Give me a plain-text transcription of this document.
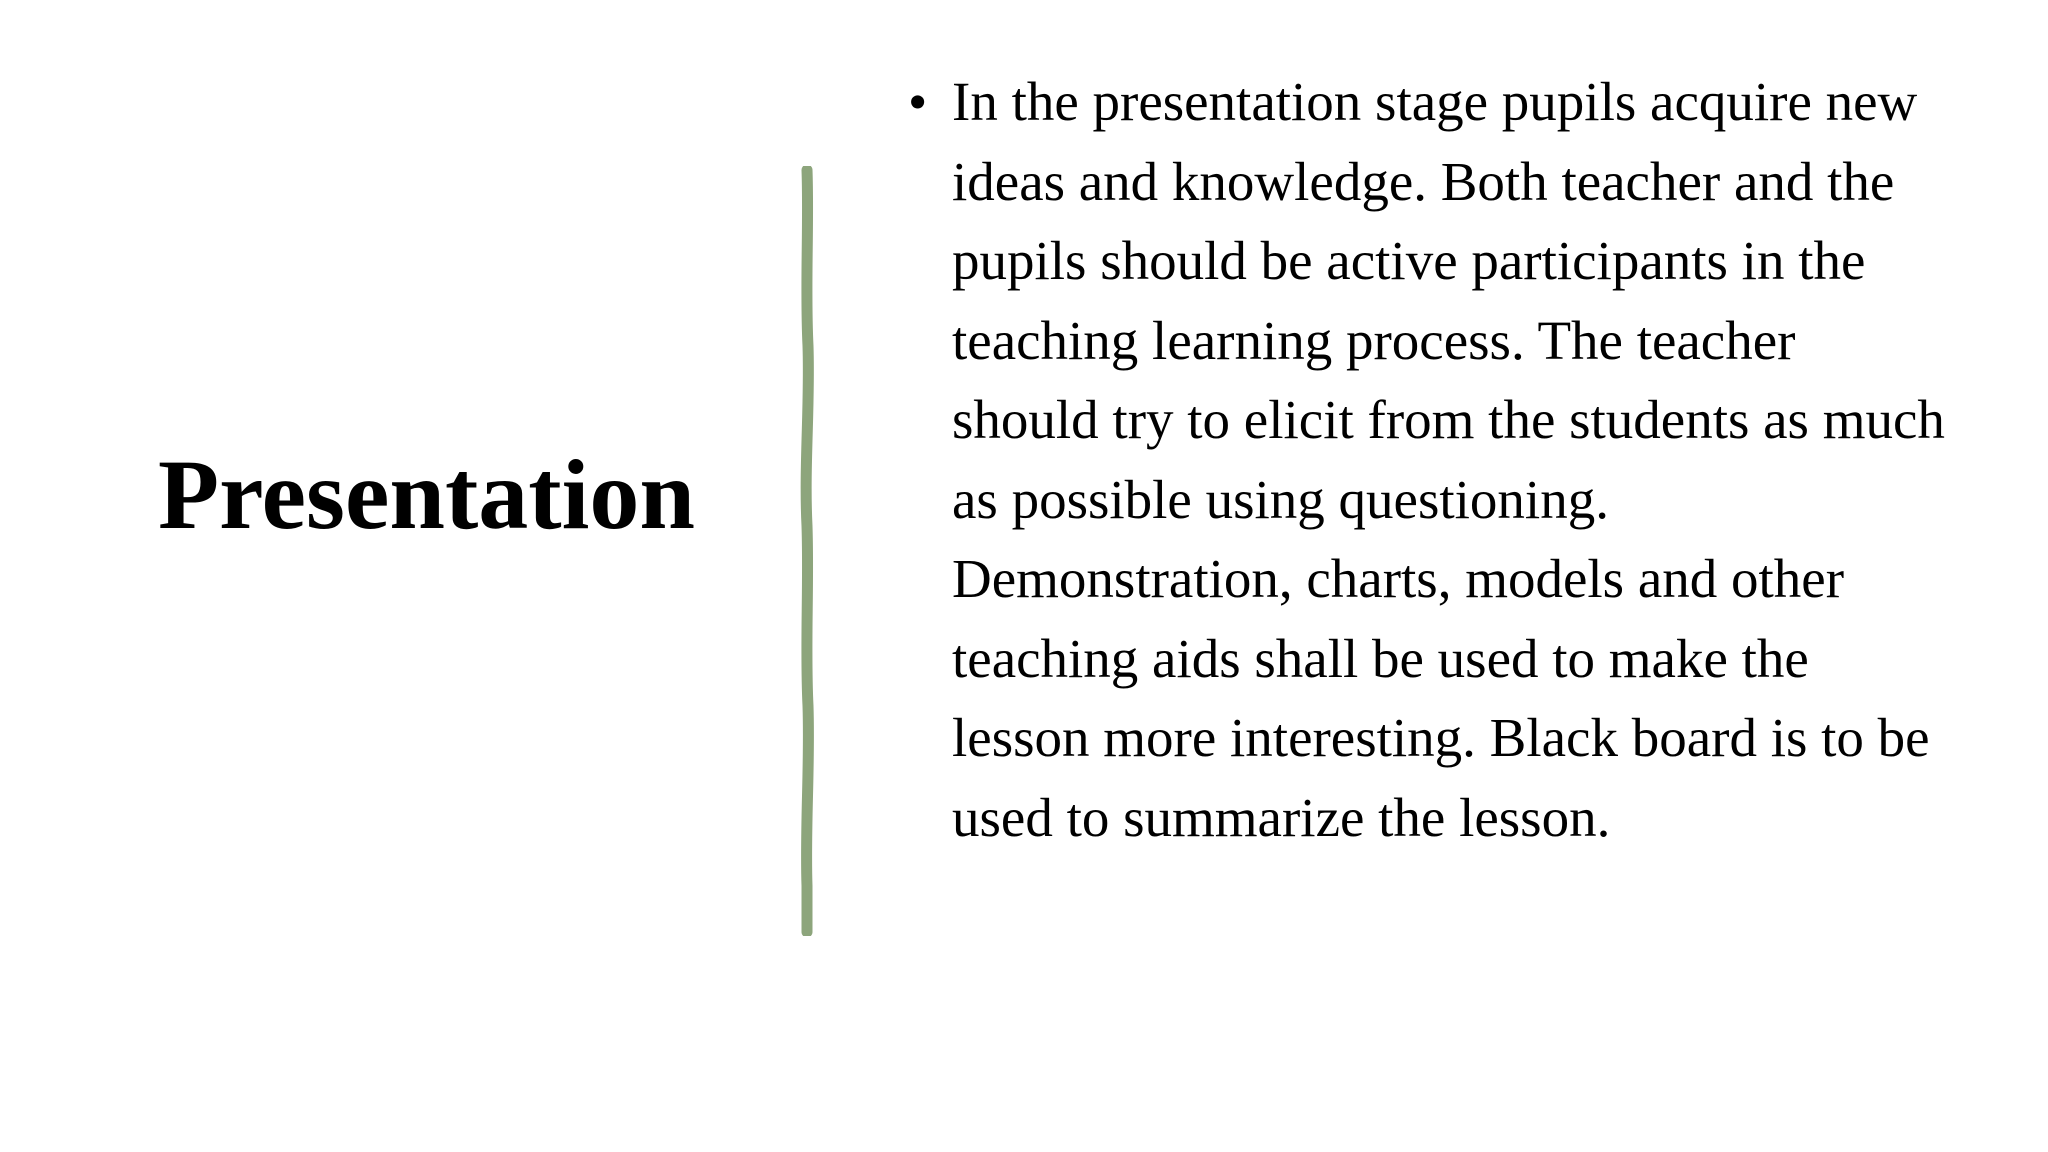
Presentation
• In the presentation stage pupils acquire new ideas and knowledge. Both teacher and the pupils should be active participants in the teaching learning process. The teacher should try to elicit from the students as much as possible using questioning. Demonstration, charts, models and other teaching aids shall be used to make the lesson more interesting. Black board is to be used to summarize the lesson.
